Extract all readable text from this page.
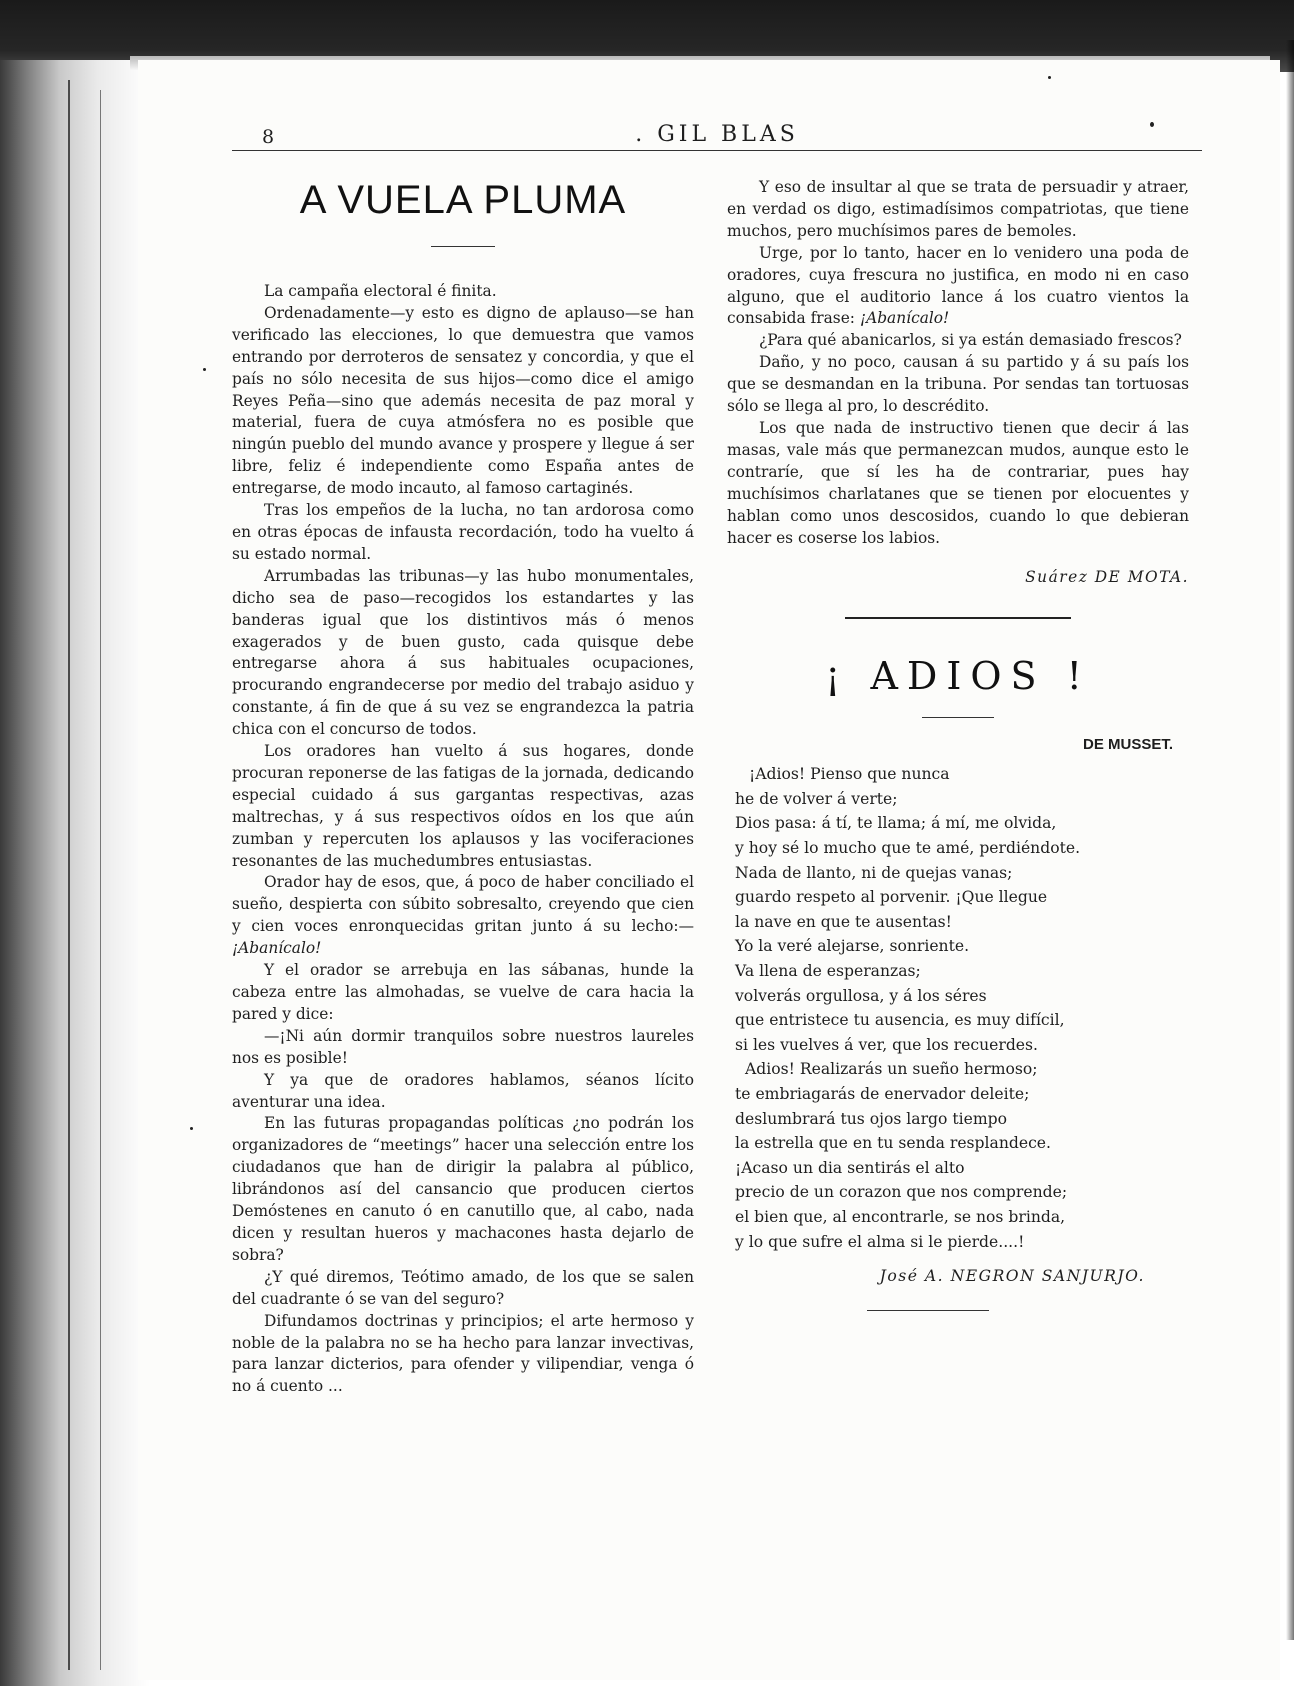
8	. GIL BLAS

A VUELA PLUMA

La campaña electoral é finita.

Ordenadamente—y esto es digno de aplauso—se han verificado las elecciones, lo que demuestra que vamos entrando por derroteros de sensatez y concordia, y que el país no sólo necesita de sus hijos—como dice el amigo Reyes Peña—sino que además necesita de paz moral y material, fuera de cuya atmósfera no es posible que ningún pueblo del mundo avance y prospere y llegue á ser libre, feliz é independiente como España antes de entregarse, de modo incauto, al famoso cartaginés.

Tras los empeños de la lucha, no tan ardorosa como en otras épocas de infausta recordación, todo ha vuelto á su estado normal.

Arrumbadas las tribunas—y las hubo monumentales, dicho sea de paso—recogidos los estandartes y las banderas igual que los distintivos más ó menos exagerados y de buen gusto, cada quisque debe entregarse ahora á sus habituales ocupaciones, procurando engrandecerse por medio del trabajo asiduo y constante, á fin de que á su vez se engrandezca la patria chica con el concurso de todos.

Los oradores han vuelto á sus hogares, donde procuran reponerse de las fatigas de la jornada, dedicando especial cuidado á sus gargantas respectivas, azas maltrechas, y á sus respectivos oídos en los que aún zumban y repercuten los aplausos y las vociferaciones resonantes de las muchedumbres entusiastas.

Orador hay de esos, que, á poco de haber conciliado el sueño, despierta con súbito sobresalto, creyendo que cien y cien voces enronquecidas gritan junto á su lecho:—¡Abanícalo!

Y el orador se arrebuja en las sábanas, hunde la cabeza entre las almohadas, se vuelve de cara hacia la pared y dice:

—¡Ni aún dormir tranquilos sobre nuestros laureles nos es posible!

Y ya que de oradores hablamos, séanos lícito aventurar una idea.

En las futuras propagandas políticas ¿no podrán los organizadores de “meetings” hacer una selección entre los ciudadanos que han de dirigir la palabra al público, librándonos así del cansancio que producen ciertos Demóstenes en canuto ó en canutillo que, al cabo, nada dicen y resultan hueros y machacones hasta dejarlo de sobra?

¿Y qué diremos, Teótimo amado, de los que se salen del cuadrante ó se van del seguro?

Difundamos doctrinas y principios; el arte hermoso y noble de la palabra no se ha hecho para lanzar invectivas, para lanzar dicterios, para ofender y vilipendiar, venga ó no á cuento ...

Y eso de insultar al que se trata de persuadir y atraer, en verdad os digo, estimadísimos compatriotas, que tiene muchos, pero muchísimos pares de bemoles.

Urge, por lo tanto, hacer en lo venidero una poda de oradores, cuya frescura no justifica, en modo ni en caso alguno, que el auditorio lance á los cuatro vientos la consabida frase: ¡Abanícalo!

¿Para qué abanicarlos, si ya están demasiado frescos?

Daño, y no poco, causan á su partido y á su país los que se desmandan en la tribuna. Por sendas tan tortuosas sólo se llega al pro, lo descrédito.

Los que nada de instructivo tienen que decir á las masas, vale más que permanezcan mudos, aunque esto le contraríe, que sí les ha de contrariar, pues hay muchísimos charlatanes que se tienen por elocuentes y hablan como unos descosidos, cuando lo que debieran hacer es coserse los labios.

Suárez DE MOTA.

¡ ADIOS !
DE MUSSET.
¡Adios! Pienso que nunca
he de volver á verte;
Dios pasa: á tí, te llama; á mí, me olvida,
y hoy sé lo mucho que te amé, perdiéndote.
Nada de llanto, ni de quejas vanas;
guardo respeto al porvenir. ¡Que llegue
la nave en que te ausentas!
Yo la veré alejarse, sonriente.
Va llena de esperanzas;
volverás orgullosa, y á los séres
que entristece tu ausencia, es muy difícil,
si les vuelves á ver, que los recuerdes.
Adios! Realizarás un sueño hermoso;
te embriagarás de enervador deleite;
deslumbrará tus ojos largo tiempo
la estrella que en tu senda resplandece.
¡Acaso un dia sentirás el alto
precio de un corazon que nos comprende;
el bien que, al encontrarle, se nos brinda,
y lo que sufre el alma si le pierde....!
José A. NEGRON SANJURJO.
